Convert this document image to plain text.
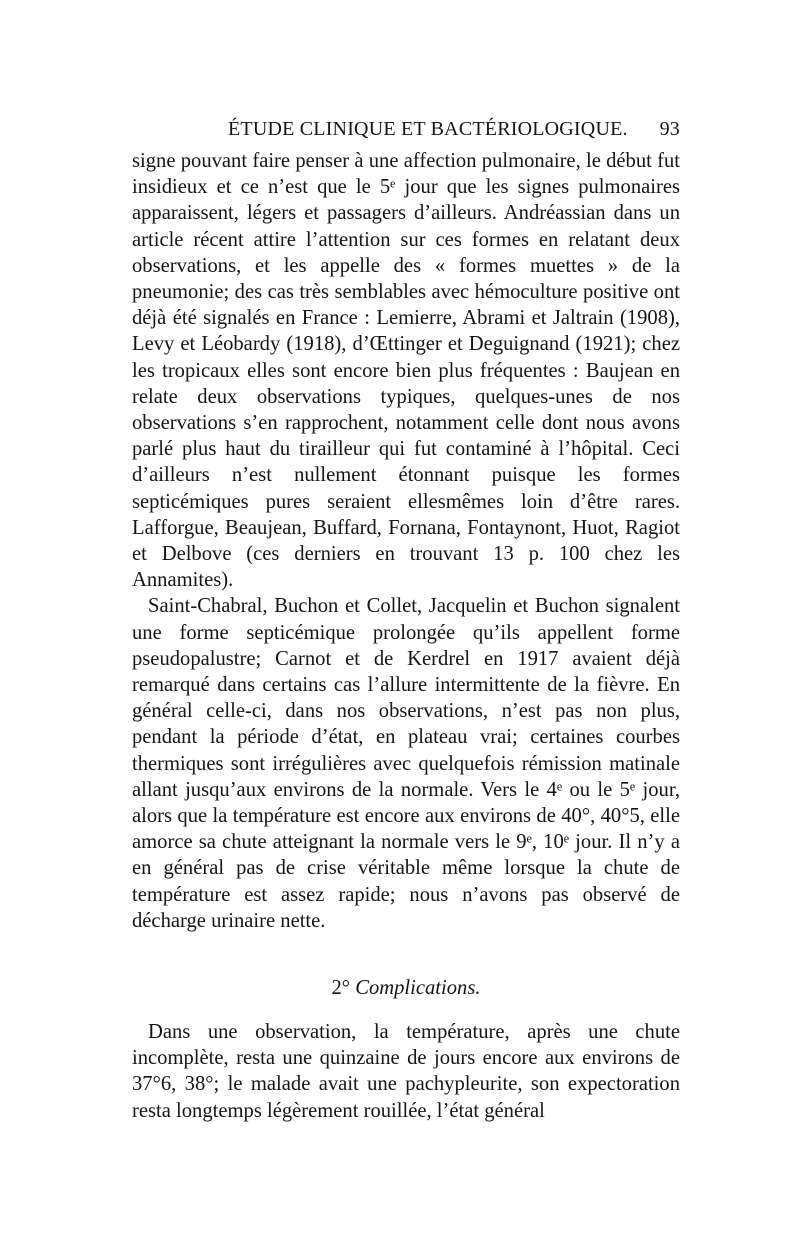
ÉTUDE CLINIQUE ET BACTÉRIOLOGIQUE. 93

signe pouvant faire penser à une affection pulmonaire, le début fut insidieux et ce n’est que le 5ᵉ jour que les signes pulmonaires apparaissent, légers et passagers d’ailleurs. Andréassian dans un article récent attire l’attention sur ces formes en relatant deux observations, et les appelle des « formes muettes » de la pneumonie; des cas très semblables avec hémoculture positive ont déjà été signalés en France : Lemierre, Abrami et Jaltrain (1908), Levy et Léobardy (1918), d’Œttinger et Deguignand (1921); chez les tropicaux elles sont encore bien plus fréquentes : Baujean en relate deux observations typiques, quelques-unes de nos observations s’en rapprochent, notamment celle dont nous avons parlé plus haut du tirailleur qui fut contaminé à l’hôpital. Ceci d’ailleurs n’est nullement étonnant puisque les formes septicémiques pures seraient ellesmêmes loin d’être rares. Lafforgue, Beaujean, Buffard, Fornana, Fontaynont, Huot, Ragiot et Delbove (ces derniers en trouvant 13 p. 100 chez les Annamites).

Saint-Chabral, Buchon et Collet, Jacquelin et Buchon signalent une forme septicémique prolongée qu’ils appellent forme pseudopalustre; Carnot et de Kerdrel en 1917 avaient déjà remarqué dans certains cas l’allure intermittente de la fièvre. En général celle-ci, dans nos observations, n’est pas non plus, pendant la période d’état, en plateau vrai; certaines courbes thermiques sont irrégulières avec quelquefois rémission matinale allant jusqu’aux environs de la normale. Vers le 4ᵉ ou le 5ᵉ jour, alors que la température est encore aux environs de 40°, 40°5, elle amorce sa chute atteignant la normale vers le 9ᵉ, 10ᵉ jour. Il n’y a en général pas de crise véritable même lorsque la chute de température est assez rapide; nous n’avons pas observé de décharge urinaire nette.

2° Complications.

Dans une observation, la température, après une chute incomplète, resta une quinzaine de jours encore aux environs de 37°6, 38°; le malade avait une pachypleurite, son expectoration resta longtemps légèrement rouillée, l’état général
